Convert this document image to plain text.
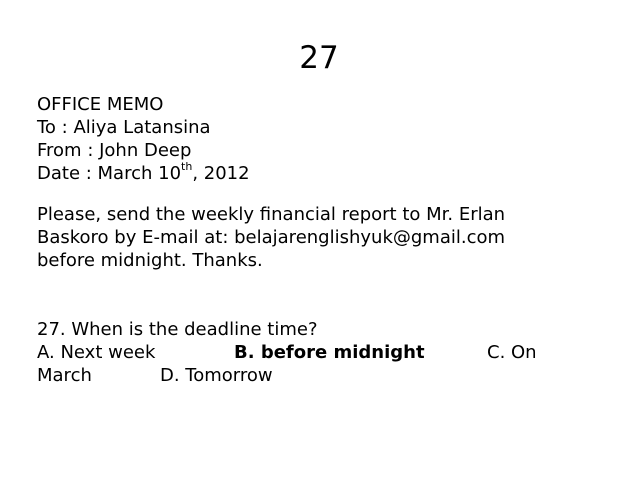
27
OFFICE MEMO
To : Aliya Latansina
From : John Deep
Date : March 10th, 2012
Please, send the weekly financial report to Mr. Erlan
Baskoro by E-mail at: belajarenglishyuk@gmail.com
before midnight. Thanks.
27. When is the deadline time?
A. Next week	B. before midnight	C. On
March	D. Tomorrow
